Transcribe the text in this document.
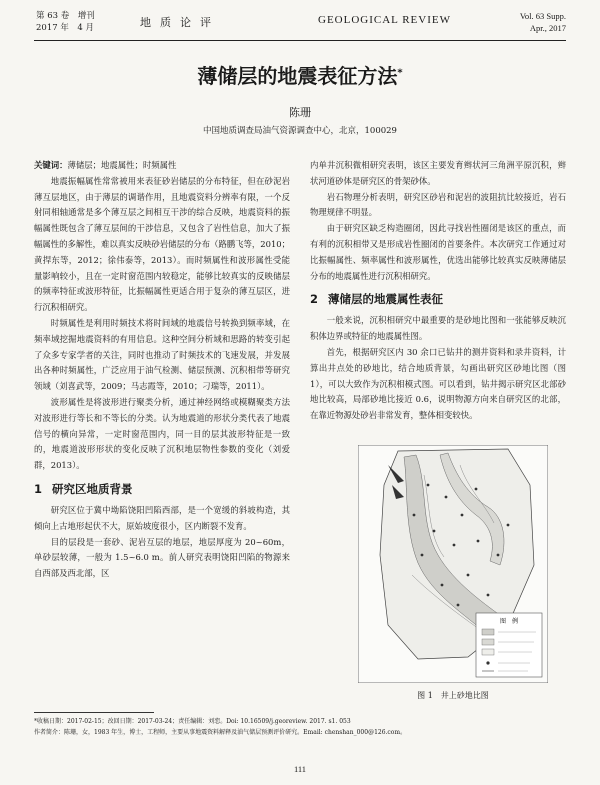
第 63 卷　增刊
2017 年　4 月	地质论评	GEOLOGICAL REVIEW	Vol. 63 Supp.
Apr., 2017
薄储层的地震表征方法*
陈珊
中国地质调查局油气资源调查中心，北京，100029

关键词：薄储层；地震属性；时频属性

地震振幅属性常常被用来表征砂岩储层的分布特征，但在砂泥岩薄互层地区，由于薄层的调谐作用，且地震资料分辨率有限，一个反射同相轴通常是多个薄互层之间相互干涉的综合反映，地震资料的振幅属性既包含了薄互层间的干涉信息，又包含了岩性信息，加大了振幅属性的多解性，难以真实反映砂岩储层的分布（路鹏飞等，2010；黄捍东等，2012；徐伟泰等，2013）。而时频属性和波形属性受能量影响较小，且在一定时窗范围内较稳定，能够比较真实的反映储层的频率特征或波形特征，比振幅属性更适合用于复杂的薄互层区，进行沉积相研究。

时频属性是利用时频技术将时间域的地震信号转换到频率域，在频率域挖掘地震资料的有用信息。这种空间分析域和思路的转变引起了众多专家学者的关注，同时也推动了时频技术的飞速发展，并发展出各种时频属性，广泛应用于油气检测、储层预测、沉积相带等研究领域（刘喜武等，2009；马志霞等，2010；刁瑞等，2011）。

波形属性是将波形进行聚类分析，通过神经网络或模糊聚类方法对波形进行等长和不等长的分类。认为地震道的形状分类代表了地震信号的横向异常，一定时窗范围内，同一目的层其波形特征是一致的，地震道波形形状的变化反映了沉积地层物性参数的变化（刘爱群，2013）。

1 研究区地质背景

研究区位于冀中坳陷饶阳凹陷西部，是一个宽缓的斜坡构造，其倾向上古地形起伏不大，原始坡度很小，区内断裂不发育。

目的层段是一套砂、泥岩互层的地层，地层厚度为 20~60m，单砂层较薄，一般为 1.5~6.0 m。前人研究表明饶阳凹陷的物源来自西部及西北部，区

内单井沉积微相研究表明，该区主要发育辫状河三角洲平原沉积，辫状河道砂体是研究区的骨架砂体。

岩石物理分析表明，研究区砂岩和泥岩的波阻抗比较接近，岩石物理规律不明显。

由于研究区缺乏构造圈闭，因此寻找岩性圈闭是该区的重点，而有利的沉积相带又是形成岩性圈闭的首要条件。本次研究工作通过对比振幅属性、频率属性和波形属性，优选出能够比较真实反映薄储层分布的地震属性进行沉积相研究。

2 薄储层的地震属性表征

一般来说，沉积相研究中最重要的是砂地比图和一张能够反映沉积体边界或特征的地震属性图。

首先，根据研究区内 30 余口已钻井的测井资料和录井资料，计算出井点处的砂地比，结合地质背景，勾画出研究区砂地比图（图1），可以大致作为沉积相模式图。可以看到，钻井揭示研究区北部砂地比较高，局部砂地比接近 0.6，说明物源方向来自研究区的北部，在靠近物源处砂岩非常发育，整体相变较快。

图　例
图 1　井上砂地比图

*收稿日期：2017-02-15；改回日期：2017-03-24；责任编辑：刘恋。Doi: 10.16509/j.georeview. 2017. s1. 053

作者简介：陈珊，女，1983 年生，博士，工程师，主要从事地震资料解释及油气储层预测评价研究。Email: chenshan_000@126.com。

111
